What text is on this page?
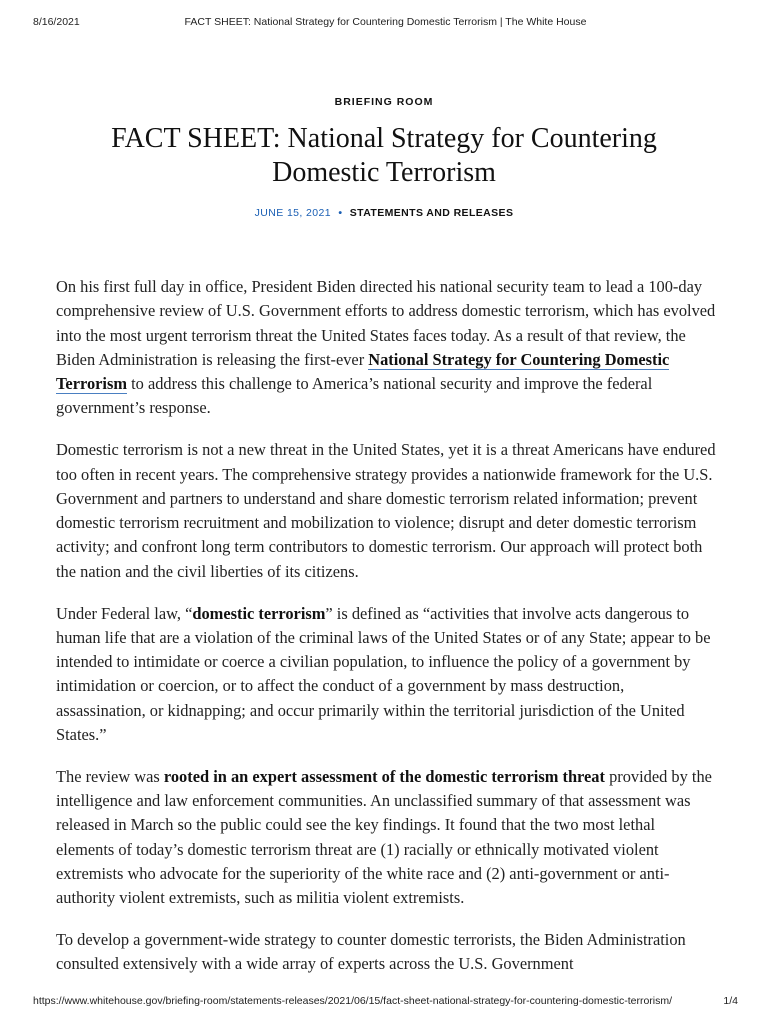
8/16/2021	FACT SHEET: National Strategy for Countering Domestic Terrorism | The White House
BRIEFING ROOM
FACT SHEET: National Strategy for Countering Domestic Terrorism
JUNE 15, 2021 • STATEMENTS AND RELEASES

On his first full day in office, President Biden directed his national security team to lead a 100-day comprehensive review of U.S. Government efforts to address domestic terrorism, which has evolved into the most urgent terrorism threat the United States faces today. As a result of that review, the Biden Administration is releasing the first-ever National Strategy for Countering Domestic Terrorism to address this challenge to America’s national security and improve the federal government’s response.

Domestic terrorism is not a new threat in the United States, yet it is a threat Americans have endured too often in recent years. The comprehensive strategy provides a nationwide framework for the U.S. Government and partners to understand and share domestic terrorism related information; prevent domestic terrorism recruitment and mobilization to violence; disrupt and deter domestic terrorism activity; and confront long term contributors to domestic terrorism. Our approach will protect both the nation and the civil liberties of its citizens.

Under Federal law, “domestic terrorism” is defined as “activities that involve acts dangerous to human life that are a violation of the criminal laws of the United States or of any State; appear to be intended to intimidate or coerce a civilian population, to influence the policy of a government by intimidation or coercion, or to affect the conduct of a government by mass destruction, assassination, or kidnapping; and occur primarily within the territorial jurisdiction of the United States.”

The review was rooted in an expert assessment of the domestic terrorism threat provided by the intelligence and law enforcement communities. An unclassified summary of that assessment was released in March so the public could see the key findings. It found that the two most lethal elements of today’s domestic terrorism threat are (1) racially or ethnically motivated violent extremists who advocate for the superiority of the white race and (2) anti-government or anti-authority violent extremists, such as militia violent extremists.

To develop a government-wide strategy to counter domestic terrorists, the Biden Administration consulted extensively with a wide array of experts across the U.S. Government

https://www.whitehouse.gov/briefing-room/statements-releases/2021/06/15/fact-sheet-national-strategy-for-countering-domestic-terrorism/	1/4
